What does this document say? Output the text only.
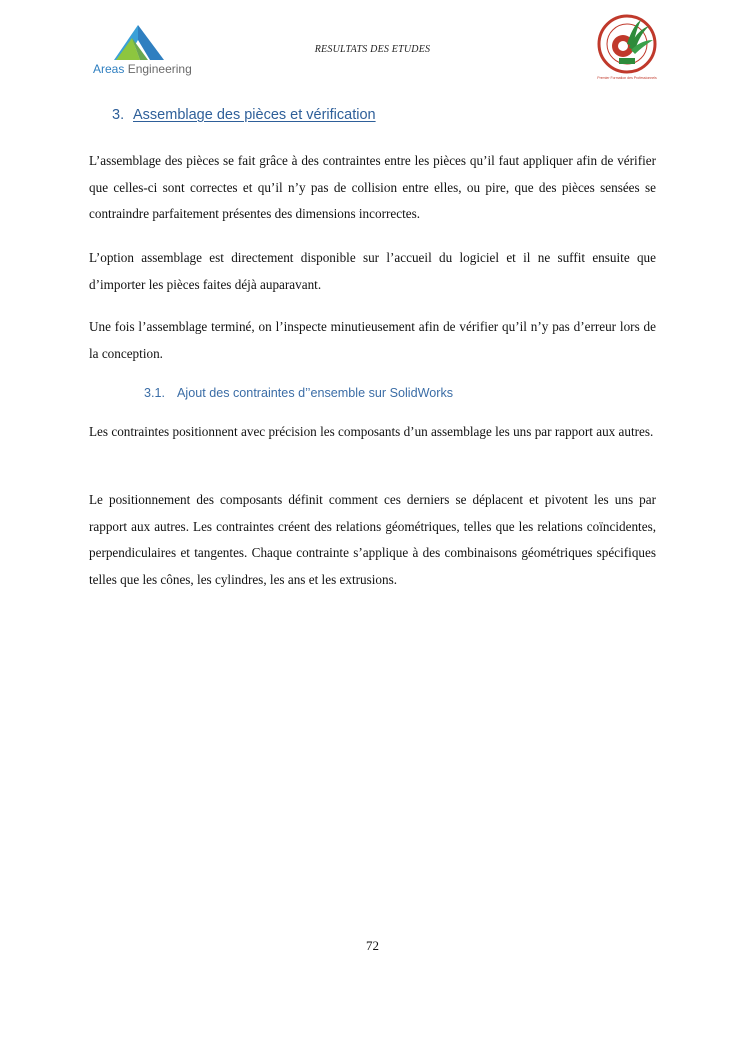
Areas Engineering
RESULTATS DES ETUDES
Premier Formation des Professionnels
3. Assemblage des pièces et vérification
L’assemblage des pièces se fait grâce à des contraintes entre les pièces qu’il faut appliquer afin de vérifier que celles-ci sont correctes et qu’il n’y pas de collision entre elles, ou pire, que des pièces sensées se contraindre parfaitement présentes des dimensions incorrectes.
L’option assemblage est directement disponible sur l’accueil du logiciel et il ne suffit ensuite que d’importer les pièces faites déjà auparavant.
Une fois l’assemblage terminé, on l’inspecte minutieusement afin de vérifier qu’il n’y pas d’erreur lors de la conception.
3.1. Ajout des contraintes d’’ensemble sur SolidWorks
Les contraintes positionnent avec précision les composants d’un assemblage les uns par rapport aux autres.
Le positionnement des composants définit comment ces derniers se déplacent et pivotent les uns par rapport aux autres. Les contraintes créent des relations géométriques, telles que les relations coïncidentes, perpendiculaires et tangentes. Chaque contrainte s’applique à des combinaisons géométriques spécifiques telles que les cônes, les cylindres, les ans et les extrusions.
72
